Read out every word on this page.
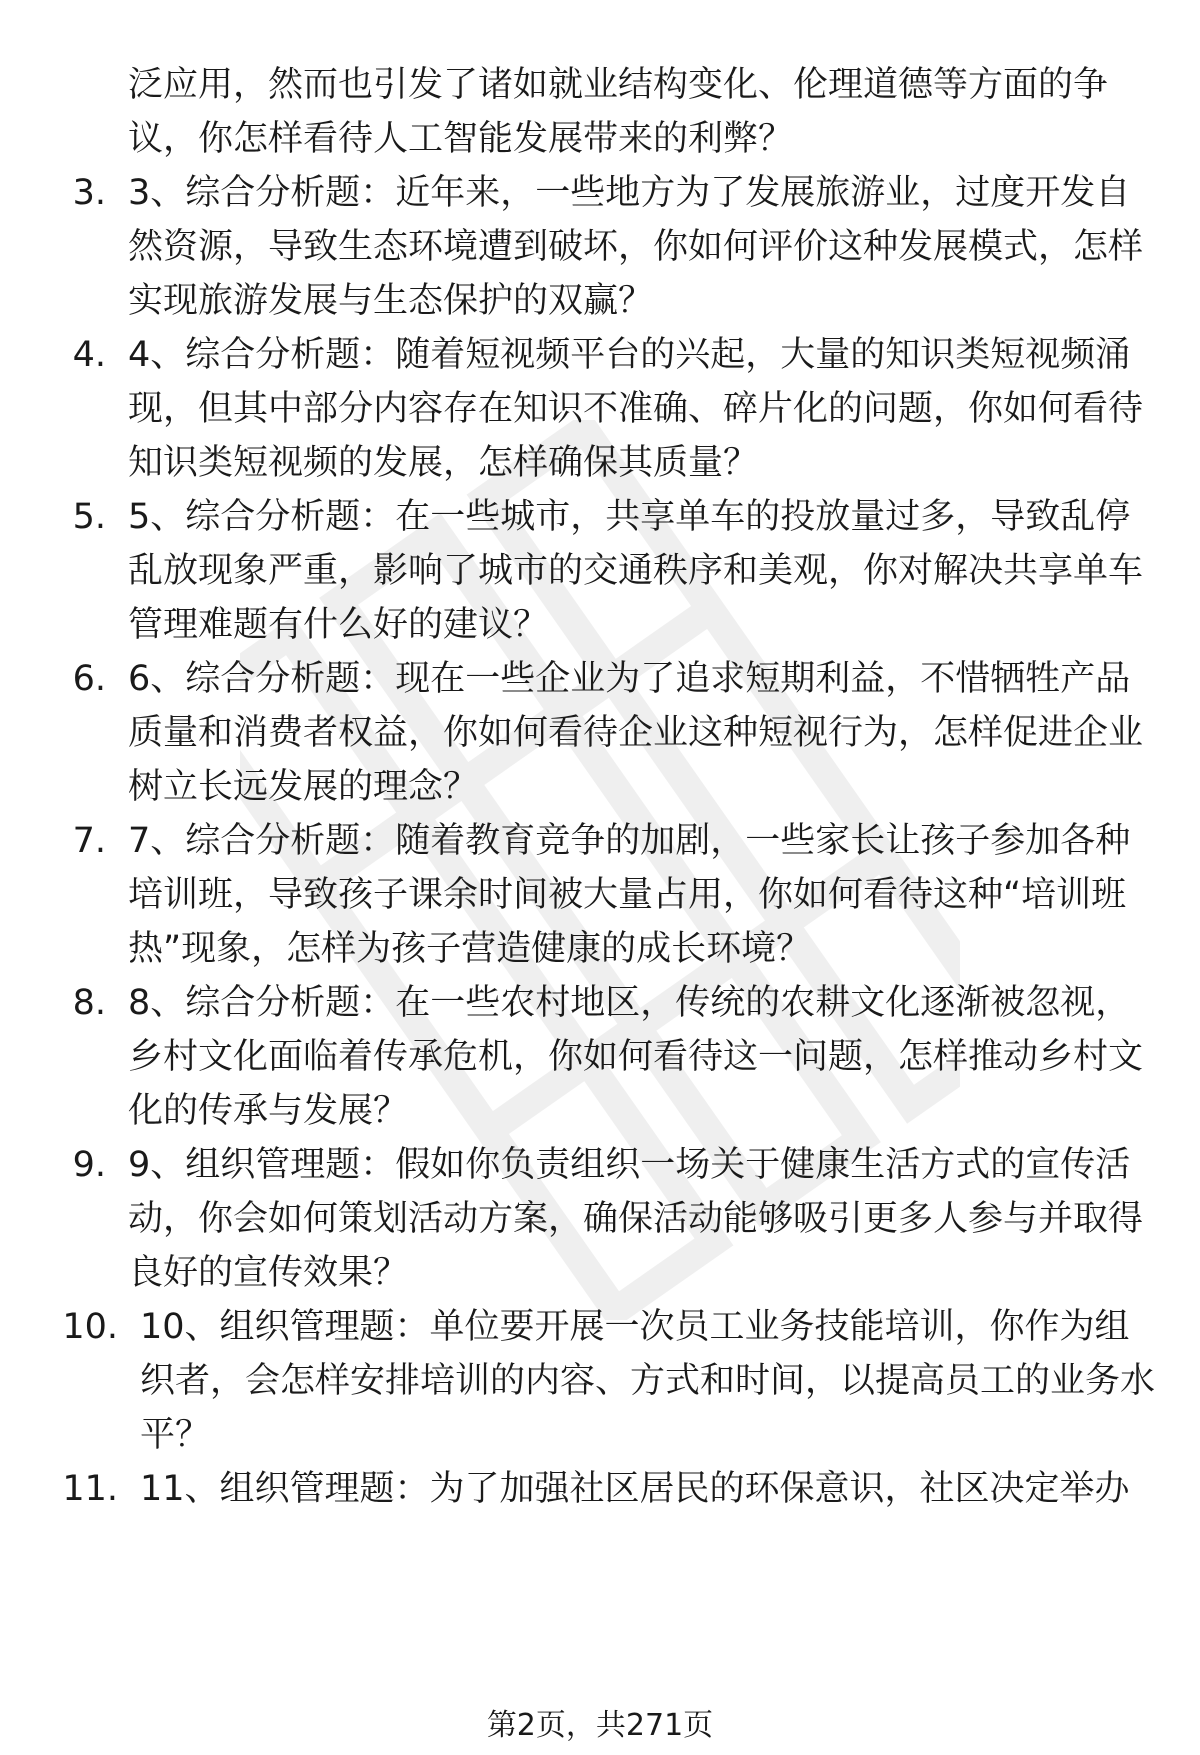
泛应用，然而也引发了诸如就业结构变化、伦理道德等方面的争议，你怎样看待人工智能发展带来的利弊？
3. 3、综合分析题：近年来，一些地方为了发展旅游业，过度开发自然资源，导致生态环境遭到破坏，你如何评价这种发展模式，怎样实现旅游发展与生态保护的双赢？
4. 4、综合分析题：随着短视频平台的兴起，大量的知识类短视频涌现，但其中部分内容存在知识不准确、碎片化的问题，你如何看待知识类短视频的发展，怎样确保其质量？
5. 5、综合分析题：在一些城市，共享单车的投放量过多，导致乱停乱放现象严重，影响了城市的交通秩序和美观，你对解决共享单车管理难题有什么好的建议？
6. 6、综合分析题：现在一些企业为了追求短期利益，不惜牺牲产品质量和消费者权益，你如何看待企业这种短视行为，怎样促进企业树立长远发展的理念？
7. 7、综合分析题：随着教育竞争的加剧，一些家长让孩子参加各种培训班，导致孩子课余时间被大量占用，你如何看待这种“培训班热”现象，怎样为孩子营造健康的成长环境？
8. 8、综合分析题：在一些农村地区，传统的农耕文化逐渐被忽视，乡村文化面临着传承危机，你如何看待这一问题，怎样推动乡村文化的传承与发展？
9. 9、组织管理题：假如你负责组织一场关于健康生活方式的宣传活动，你会如何策划活动方案，确保活动能够吸引更多人参与并取得良好的宣传效果？
10. 10、组织管理题：单位要开展一次员工业务技能培训，你作为组织者，会怎样安排培训的内容、方式和时间，以提高员工的业务水平？
11. 11、组织管理题：为了加强社区居民的环保意识，社区决定举办
第2页，共271页
